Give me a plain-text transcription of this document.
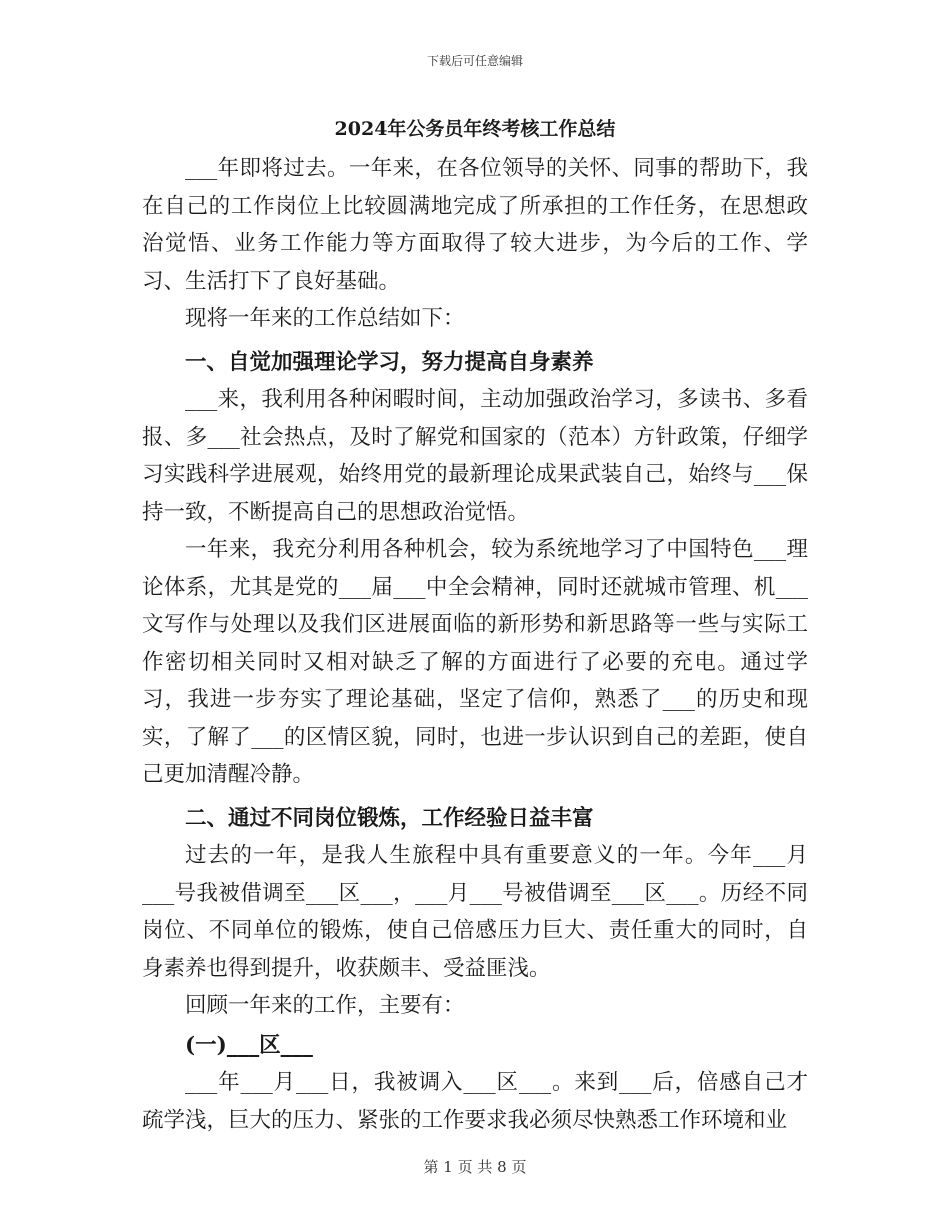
下载后可任意编辑
2024年公务员年终考核工作总结

___年即将过去。一年来，在各位领导的关怀、同事的帮助下，我在自己的工作岗位上比较圆满地完成了所承担的工作任务，在思想政治觉悟、业务工作能力等方面取得了较大进步，为今后的工作、学习、生活打下了良好基础。

现将一年来的工作总结如下：

一、自觉加强理论学习，努力提高自身素养

___来，我利用各种闲暇时间，主动加强政治学习，多读书、多看报、多___社会热点，及时了解党和国家的（范本）方针政策，仔细学习实践科学进展观，始终用党的最新理论成果武装自己，始终与___保持一致，不断提高自己的思想政治觉悟。

一年来，我充分利用各种机会，较为系统地学习了中国特色___理论体系，尤其是党的___届___中全会精神，同时还就城市管理、机___文写作与处理以及我们区进展面临的新形势和新思路等一些与实际工作密切相关同时又相对缺乏了解的方面进行了必要的充电。通过学习，我进一步夯实了理论基础，坚定了信仰，熟悉了___的历史和现实，了解了___的区情区貌，同时，也进一步认识到自己的差距，使自己更加清醒冷静。

二、通过不同岗位锻炼，工作经验日益丰富

过去的一年，是我人生旅程中具有重要意义的一年。今年___月___号我被借调至___区___，___月___号被借调至___区___。历经不同岗位、不同单位的锻炼，使自己倍感压力巨大、责任重大的同时，自身素养也得到提升，收获颇丰、受益匪浅。

回顾一年来的工作，主要有：

(一)___区___

___年___月___日，我被调入___区___。来到___后，倍感自己才疏学浅，巨大的压力、紧张的工作要求我必须尽快熟悉工作环境和业

第 1 页 共 8 页
